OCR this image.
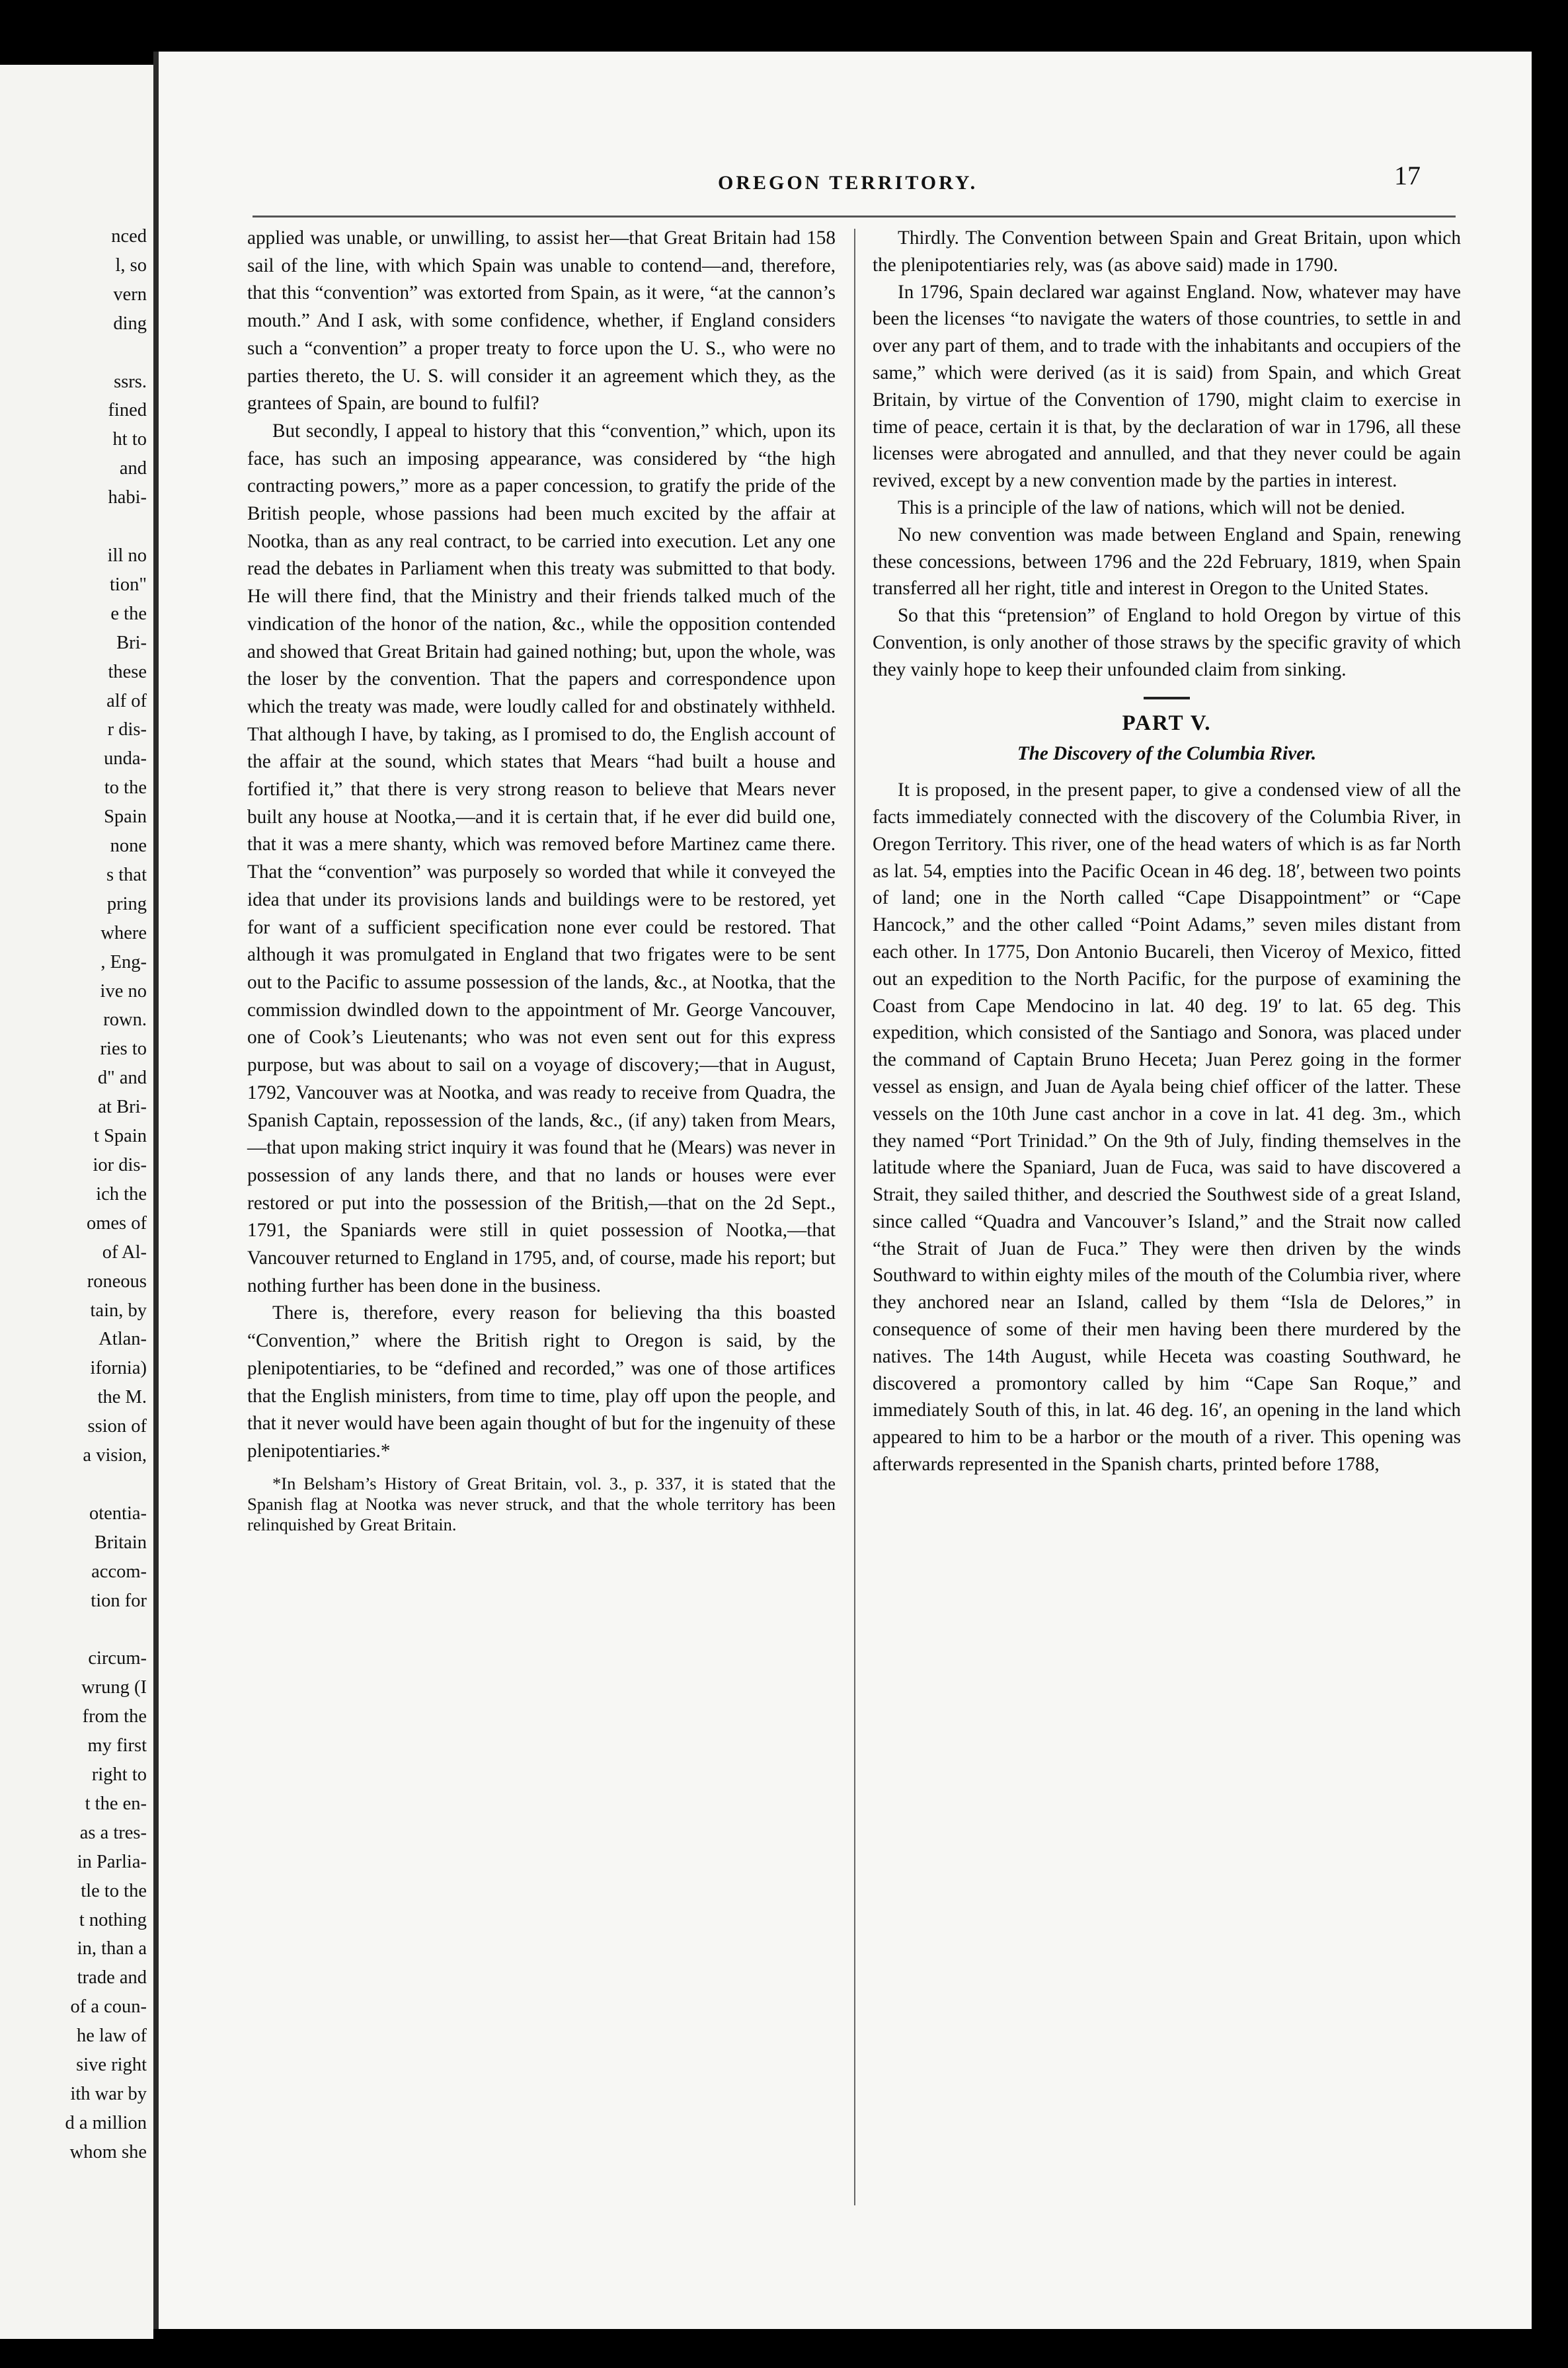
nced
l, so
vern
ding

ssrs.
fined
ht to
and
habi-

ill no
tion"
e the
Bri-
these
alf of
r dis-
unda-
to the
Spain
none
s that
pring
where
, Eng-
ive no
rown.
ries to
d" and
at Bri-
t Spain
ior dis-
ich the
omes of
of Al-
roneous
tain, by
Atlan-
ifornia)
the M.
ssion of
a vision,

otentia-
Britain
accom-
tion for

circum-
wrung (I
from the
my first
right to
t the en-
as a tres-
in Parlia-
tle to the
t nothing
in, than a
trade and
of a coun-
he law of
sive right
ith war by
d a million
whom she
OREGON TERRITORY.	17

applied was unable, or unwilling, to assist her—that Great Britain had 158 sail of the line, with which Spain was unable to contend—and, therefore, that this “convention” was extorted from Spain, as it were, “at the cannon’s mouth.” And I ask, with some confidence, whether, if England considers such a “convention” a proper treaty to force upon the U. S., who were no parties thereto, the U. S. will consider it an agreement which they, as the grantees of Spain, are bound to fulfil?

But secondly, I appeal to history that this “convention,” which, upon its face, has such an imposing appearance, was considered by “the high contracting powers,” more as a paper concession, to gratify the pride of the British people, whose passions had been much excited by the affair at Nootka, than as any real contract, to be carried into execution. Let any one read the debates in Parliament when this treaty was submitted to that body. He will there find, that the Ministry and their friends talked much of the vindication of the honor of the nation, &c., while the opposition contended and showed that Great Britain had gained nothing; but, upon the whole, was the loser by the convention. That the papers and correspondence upon which the treaty was made, were loudly called for and obstinately withheld. That although I have, by taking, as I promised to do, the English account of the affair at the sound, which states that Mears “had built a house and fortified it,” that there is very strong reason to believe that Mears never built any house at Nootka,—and it is certain that, if he ever did build one, that it was a mere shanty, which was removed before Martinez came there. That the “convention” was purposely so worded that while it conveyed the idea that under its provisions lands and buildings were to be restored, yet for want of a sufficient specification none ever could be restored. That although it was promulgated in England that two frigates were to be sent out to the Pacific to assume possession of the lands, &c., at Nootka, that the commission dwindled down to the appointment of Mr. George Vancouver, one of Cook’s Lieutenants; who was not even sent out for this express purpose, but was about to sail on a voyage of discovery;—that in August, 1792, Vancouver was at Nootka, and was ready to receive from Quadra, the Spanish Captain, repossession of the lands, &c., (if any) taken from Mears,—that upon making strict inquiry it was found that he (Mears) was never in possession of any lands there, and that no lands or houses were ever restored or put into the possession of the British,—that on the 2d Sept., 1791, the Spaniards were still in quiet possession of Nootka,—that Vancouver returned to England in 1795, and, of course, made his report; but nothing further has been done in the business.

There is, therefore, every reason for believing tha this boasted “Convention,” where the British right to Oregon is said, by the plenipotentiaries, to be “defined and recorded,” was one of those artifices that the English ministers, from time to time, play off upon the people, and that it never would have been again thought of but for the ingenuity of these plenipotentiaries.*

*In Belsham’s History of Great Britain, vol. 3., p. 337, it is stated that the Spanish flag at Nootka was never struck, and that the whole territory has been relinquished by Great Britain.

Thirdly. The Convention between Spain and Great Britain, upon which the plenipotentiaries rely, was (as above said) made in 1790.

In 1796, Spain declared war against England. Now, whatever may have been the licenses “to navigate the waters of those countries, to settle in and over any part of them, and to trade with the inhabitants and occupiers of the same,” which were derived (as it is said) from Spain, and which Great Britain, by virtue of the Convention of 1790, might claim to exercise in time of peace, certain it is that, by the declaration of war in 1796, all these licenses were abrogated and annulled, and that they never could be again revived, except by a new convention made by the parties in interest.

This is a principle of the law of nations, which will not be denied.

No new convention was made between England and Spain, renewing these concessions, between 1796 and the 22d February, 1819, when Spain transferred all her right, title and interest in Oregon to the United States.

So that this “pretension” of England to hold Oregon by virtue of this Convention, is only another of those straws by the specific gravity of which they vainly hope to keep their unfounded claim from sinking.

PART V.

The Discovery of the Columbia River.

It is proposed, in the present paper, to give a condensed view of all the facts immediately connected with the discovery of the Columbia River, in Oregon Territory. This river, one of the head waters of which is as far North as lat. 54, empties into the Pacific Ocean in 46 deg. 18′, between two points of land; one in the North called “Cape Disappointment” or “Cape Hancock,” and the other called “Point Adams,” seven miles distant from each other. In 1775, Don Antonio Bucareli, then Viceroy of Mexico, fitted out an expedition to the North Pacific, for the purpose of examining the Coast from Cape Mendocino in lat. 40 deg. 19′ to lat. 65 deg. This expedition, which consisted of the Santiago and Sonora, was placed under the command of Captain Bruno Heceta; Juan Perez going in the former vessel as ensign, and Juan de Ayala being chief officer of the latter. These vessels on the 10th June cast anchor in a cove in lat. 41 deg. 3m., which they named “Port Trinidad.” On the 9th of July, finding themselves in the latitude where the Spaniard, Juan de Fuca, was said to have discovered a Strait, they sailed thither, and descried the Southwest side of a great Island, since called “Quadra and Vancouver’s Island,” and the Strait now called “the Strait of Juan de Fuca.” They were then driven by the winds Southward to within eighty miles of the mouth of the Columbia river, where they anchored near an Island, called by them “Isla de Delores,” in consequence of some of their men having been there murdered by the natives. The 14th August, while Heceta was coasting Southward, he discovered a promontory called by him “Cape San Roque,” and immediately South of this, in lat. 46 deg. 16′, an opening in the land which appeared to him to be a harbor or the mouth of a river. This opening was afterwards represented in the Spanish charts, printed before 1788,
